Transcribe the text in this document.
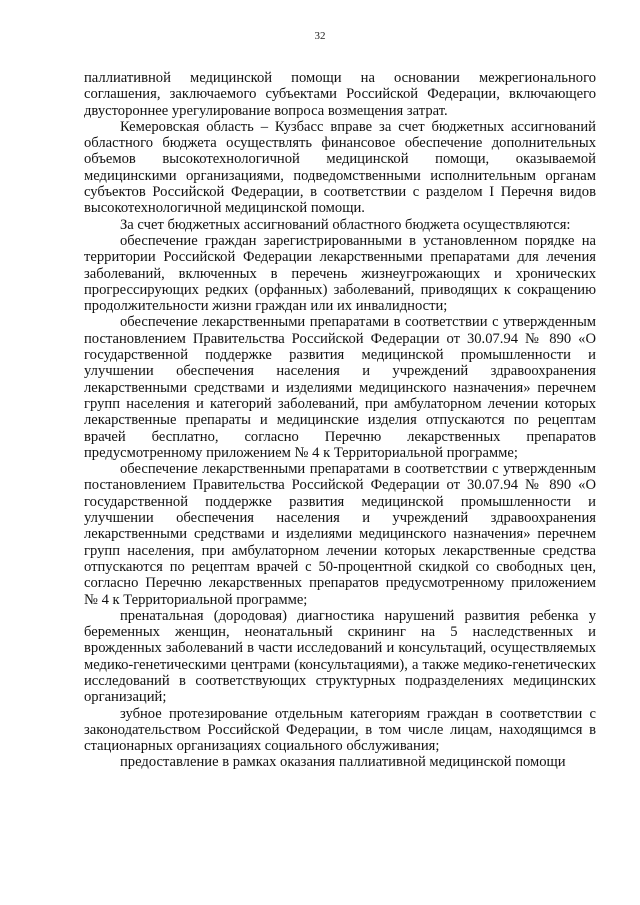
32

паллиативной медицинской помощи на основании межрегионального соглашения, заключаемого субъектами Российской Федерации, включающего двустороннее урегулирование вопроса возмещения затрат.

Кемеровская область – Кузбасс вправе за счет бюджетных ассигнований областного бюджета осуществлять финансовое обеспечение дополнительных объемов высокотехнологичной медицинской помощи, оказываемой медицинскими организациями, подведомственными исполнительным органам субъектов Российской Федерации, в соответствии с разделом I Перечня видов высокотехнологичной медицинской помощи.

За счет бюджетных ассигнований областного бюджета осуществляются:

обеспечение граждан зарегистрированными в установленном порядке на территории Российской Федерации лекарственными препаратами для лечения заболеваний, включенных в перечень жизнеугрожающих и хронических прогрессирующих редких (орфанных) заболеваний, приводящих к сокращению продолжительности жизни граждан или их инвалидности;

обеспечение лекарственными препаратами в соответствии с утвержденным постановлением Правительства Российской Федерации от 30.07.94 № 890 «О государственной поддержке развития медицинской промышленности и улучшении обеспечения населения и учреждений здравоохранения лекарственными средствами и изделиями медицинского назначения» перечнем групп населения и категорий заболеваний, при амбулаторном лечении которых лекарственные препараты и медицинские изделия отпускаются по рецептам врачей бесплатно, согласно Перечню лекарственных препаратов предусмотренному приложением № 4 к Территориальной программе;

обеспечение лекарственными препаратами в соответствии с утвержденным постановлением Правительства Российской Федерации от 30.07.94 № 890 «О государственной поддержке развития медицинской промышленности и улучшении обеспечения населения и учреждений здравоохранения лекарственными средствами и изделиями медицинского назначения» перечнем групп населения, при амбулаторном лечении которых лекарственные средства отпускаются по рецептам врачей с 50-процентной скидкой со свободных цен, согласно Перечню лекарственных препаратов предусмотренному приложением № 4 к Территориальной программе;

пренатальная (дородовая) диагностика нарушений развития ребенка у беременных женщин, неонатальный скрининг на 5 наследственных и врожденных заболеваний в части исследований и консультаций, осуществляемых медико-генетическими центрами (консультациями), а также медико-генетических исследований в соответствующих структурных подразделениях медицинских организаций;

зубное протезирование отдельным категориям граждан в соответствии с законодательством Российской Федерации, в том числе лицам, находящимся в стационарных организациях социального обслуживания;

предоставление в рамках оказания паллиативной медицинской помощи
